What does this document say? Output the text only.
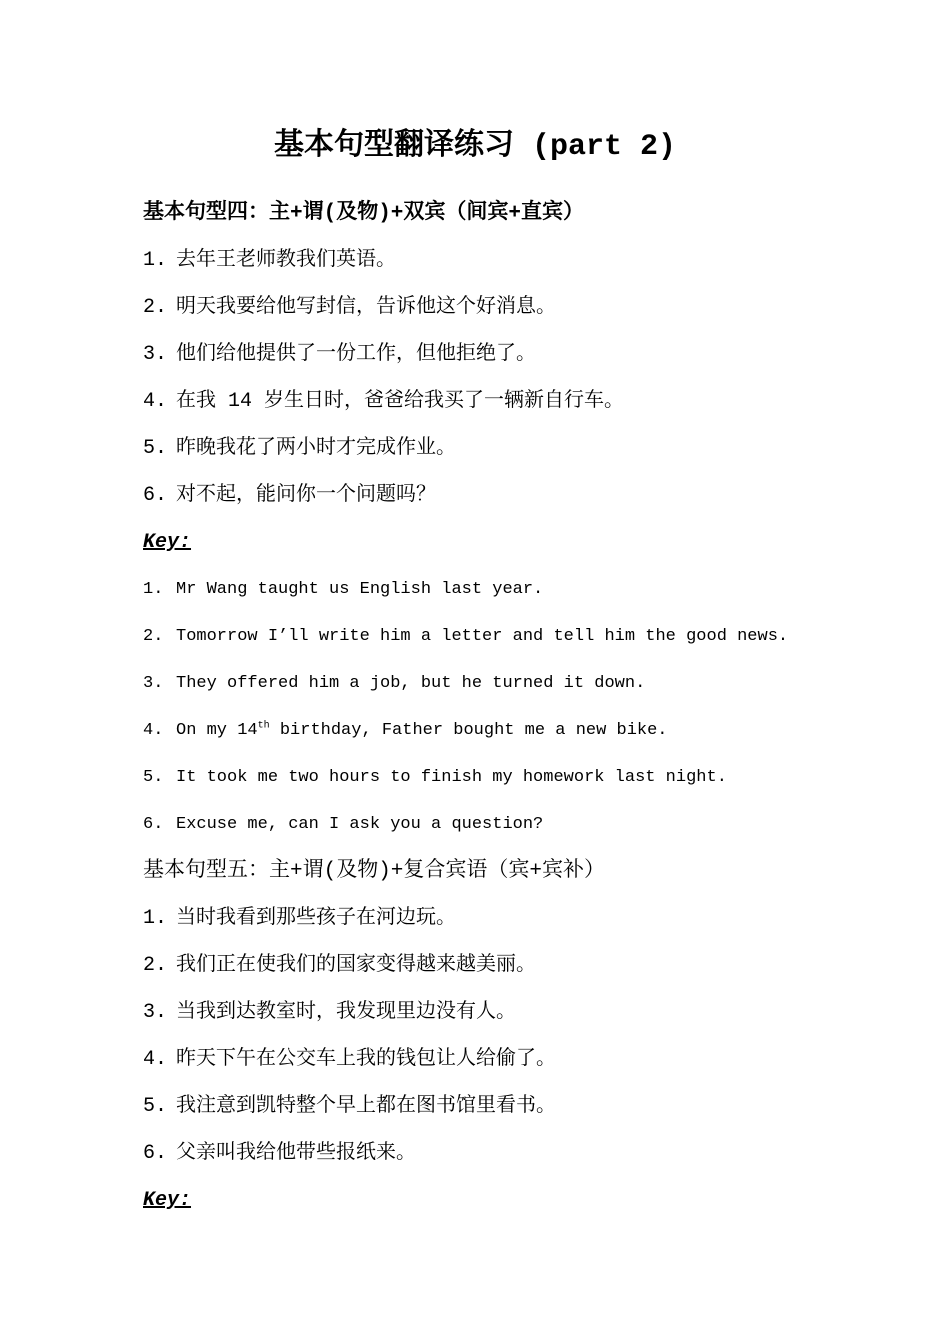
基本句型翻译练习 (part 2)

基本句型四：主+谓(及物)+双宾（间宾+直宾）

1. 去年王老师教我们英语。

2. 明天我要给他写封信，告诉他这个好消息。

3. 他们给他提供了一份工作，但他拒绝了。

4. 在我 14 岁生日时，爸爸给我买了一辆新自行车。

5. 昨晚我花了两小时才完成作业。

6. 对不起，能问你一个问题吗？

Key:

1. Mr Wang taught us English last year.

2. Tomorrow I’ll write him a letter and tell him the good news.

3. They offered him a job, but he turned it down.

4. On my 14th birthday, Father bought me a new bike.

5. It took me two hours to finish my homework last night.

6. Excuse me, can I ask you a question?

基本句型五：主+谓(及物)+复合宾语（宾+宾补）

1. 当时我看到那些孩子在河边玩。

2. 我们正在使我们的国家变得越来越美丽。

3. 当我到达教室时，我发现里边没有人。

4. 昨天下午在公交车上我的钱包让人给偷了。

5. 我注意到凯特整个早上都在图书馆里看书。

6. 父亲叫我给他带些报纸来。

Key:
